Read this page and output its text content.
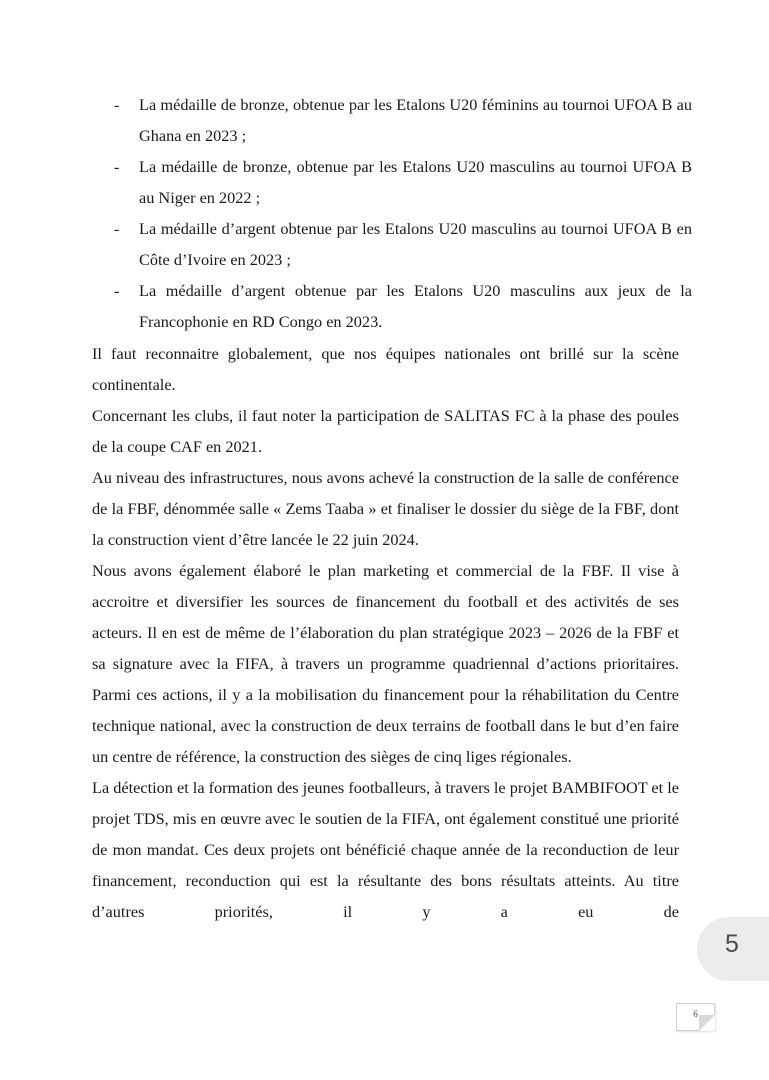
- La médaille de bronze, obtenue par les Etalons U20 féminins au tournoi UFOA B au Ghana en 2023 ;
- La médaille de bronze, obtenue par les Etalons U20 masculins au tournoi UFOA B au Niger en 2022 ;
- La médaille d’argent obtenue par les Etalons U20 masculins au tournoi UFOA B en Côte d’Ivoire en 2023 ;
- La médaille d’argent obtenue par les Etalons U20 masculins aux jeux de la Francophonie en RD Congo en 2023.

Il faut reconnaitre globalement, que nos équipes nationales ont brillé sur la scène continentale.

Concernant les clubs, il faut noter la participation de SALITAS FC à la phase des poules de la coupe CAF en 2021.

Au niveau des infrastructures, nous avons achevé la construction de la salle de conférence de la FBF, dénommée salle « Zems Taaba » et finaliser le dossier du siège de la FBF, dont la construction vient d’être lancée le 22 juin 2024.

Nous avons également élaboré le plan marketing et commercial de la FBF. Il vise à accroitre et diversifier les sources de financement du football et des activités de ses acteurs. Il en est de même de l’élaboration du plan stratégique 2023 – 2026 de la FBF et sa signature avec la FIFA, à travers un programme quadriennal d’actions prioritaires. Parmi ces actions, il y a la mobilisation du financement pour la réhabilitation du Centre technique national, avec la construction de deux terrains de football dans le but d’en faire un centre de référence, la construction des sièges de cinq liges régionales.

La détection et la formation des jeunes footballeurs, à travers le projet BAMBIFOOT et le projet TDS, mis en œuvre avec le soutien de la FIFA, ont également constitué une priorité de mon mandat. Ces deux projets ont bénéficié chaque année de la reconduction de leur financement, reconduction qui est la résultante des bons résultats atteints. Au titre d’autres priorités, il y a eu de

5
6
